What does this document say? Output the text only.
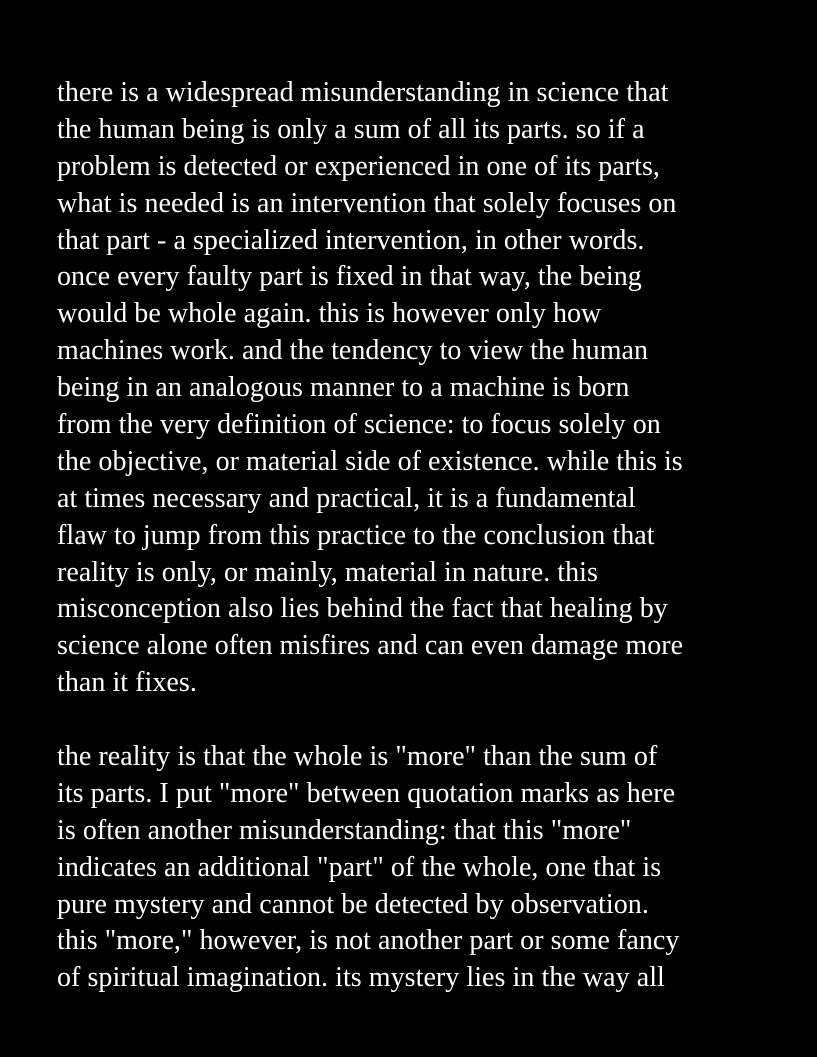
there is a widespread misunderstanding in science that
the human being is only a sum of all its parts. so if a
problem is detected or experienced in one of its parts,
what is needed is an intervention that solely focuses on
that part - a specialized intervention, in other words.
once every faulty part is fixed in that way, the being
would be whole again. this is however only how
machines work. and the tendency to view the human
being in an analogous manner to a machine is born
from the very definition of science: to focus solely on
the objective, or material side of existence. while this is
at times necessary and practical, it is a fundamental
flaw to jump from this practice to the conclusion that
reality is only, or mainly, material in nature. this
misconception also lies behind the fact that healing by
science alone often misfires and can even damage more
than it fixes.
the reality is that the whole is "more" than the sum of
its parts. I put "more" between quotation marks as here
is often another misunderstanding: that this "more"
indicates an additional "part" of the whole, one that is
pure mystery and cannot be detected by observation.
this "more," however, is not another part or some fancy
of spiritual imagination. its mystery lies in the way all
